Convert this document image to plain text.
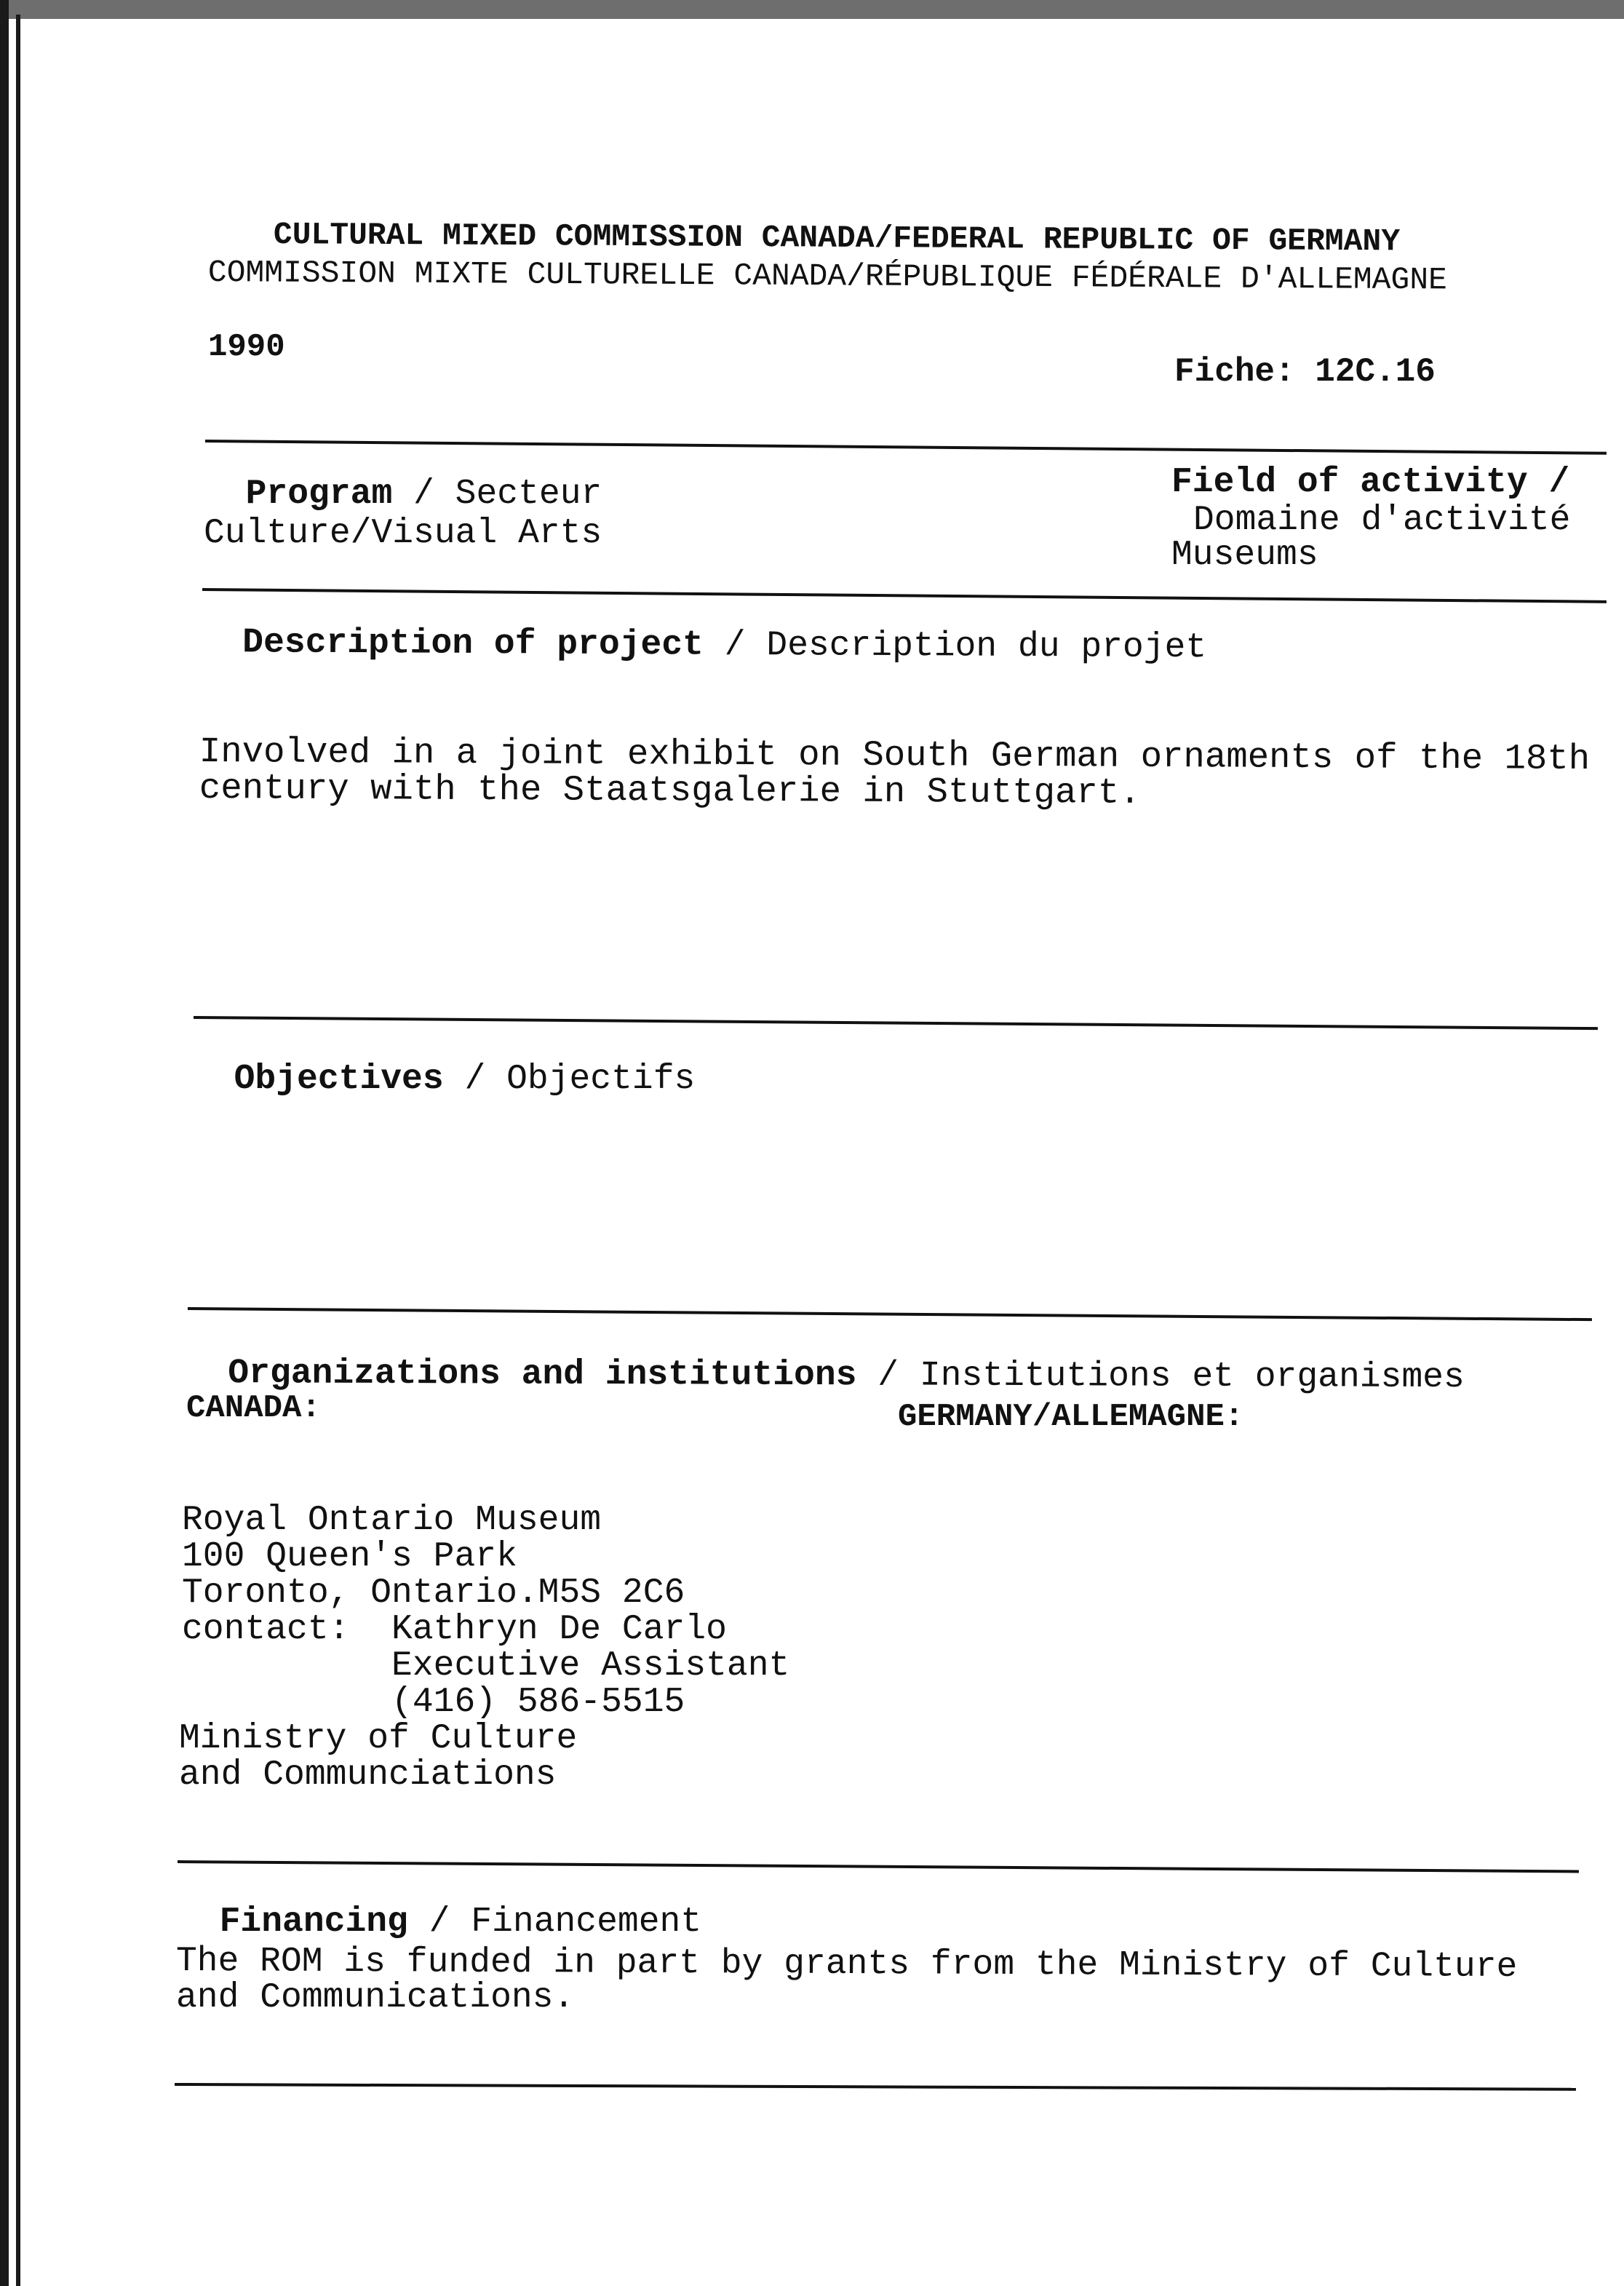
CULTURAL MIXED COMMISSION CANADA/FEDERAL REPUBLIC OF GERMANY
COMMISSION MIXTE CULTURELLE CANADA/RÉPUBLIQUE FÉDÉRALE D'ALLEMAGNE
1990
Fiche: 12C.16

Program / Secteur

Culture/Visual Arts
Field of activity /
Domaine d'activité
Museums

Description of project / Description du projet

Involved in a joint exhibit on South German ornaments of the 18th
century with the Staatsgalerie in Stuttgart.

Objectives / Objectifs

Organizations and institutions / Institutions et organismes

CANADA:	GERMANY/ALLEMAGNE:
Royal Ontario Museum
100 Queen's Park
Toronto, Ontario.M5S 2C6
contact:  Kathryn De Carlo
Executive Assistant
(416) 586-5515
Ministry of Culture
and Communciations

Financing / Financement

The ROM is funded in part by grants from the Ministry of Culture
and Communications.
